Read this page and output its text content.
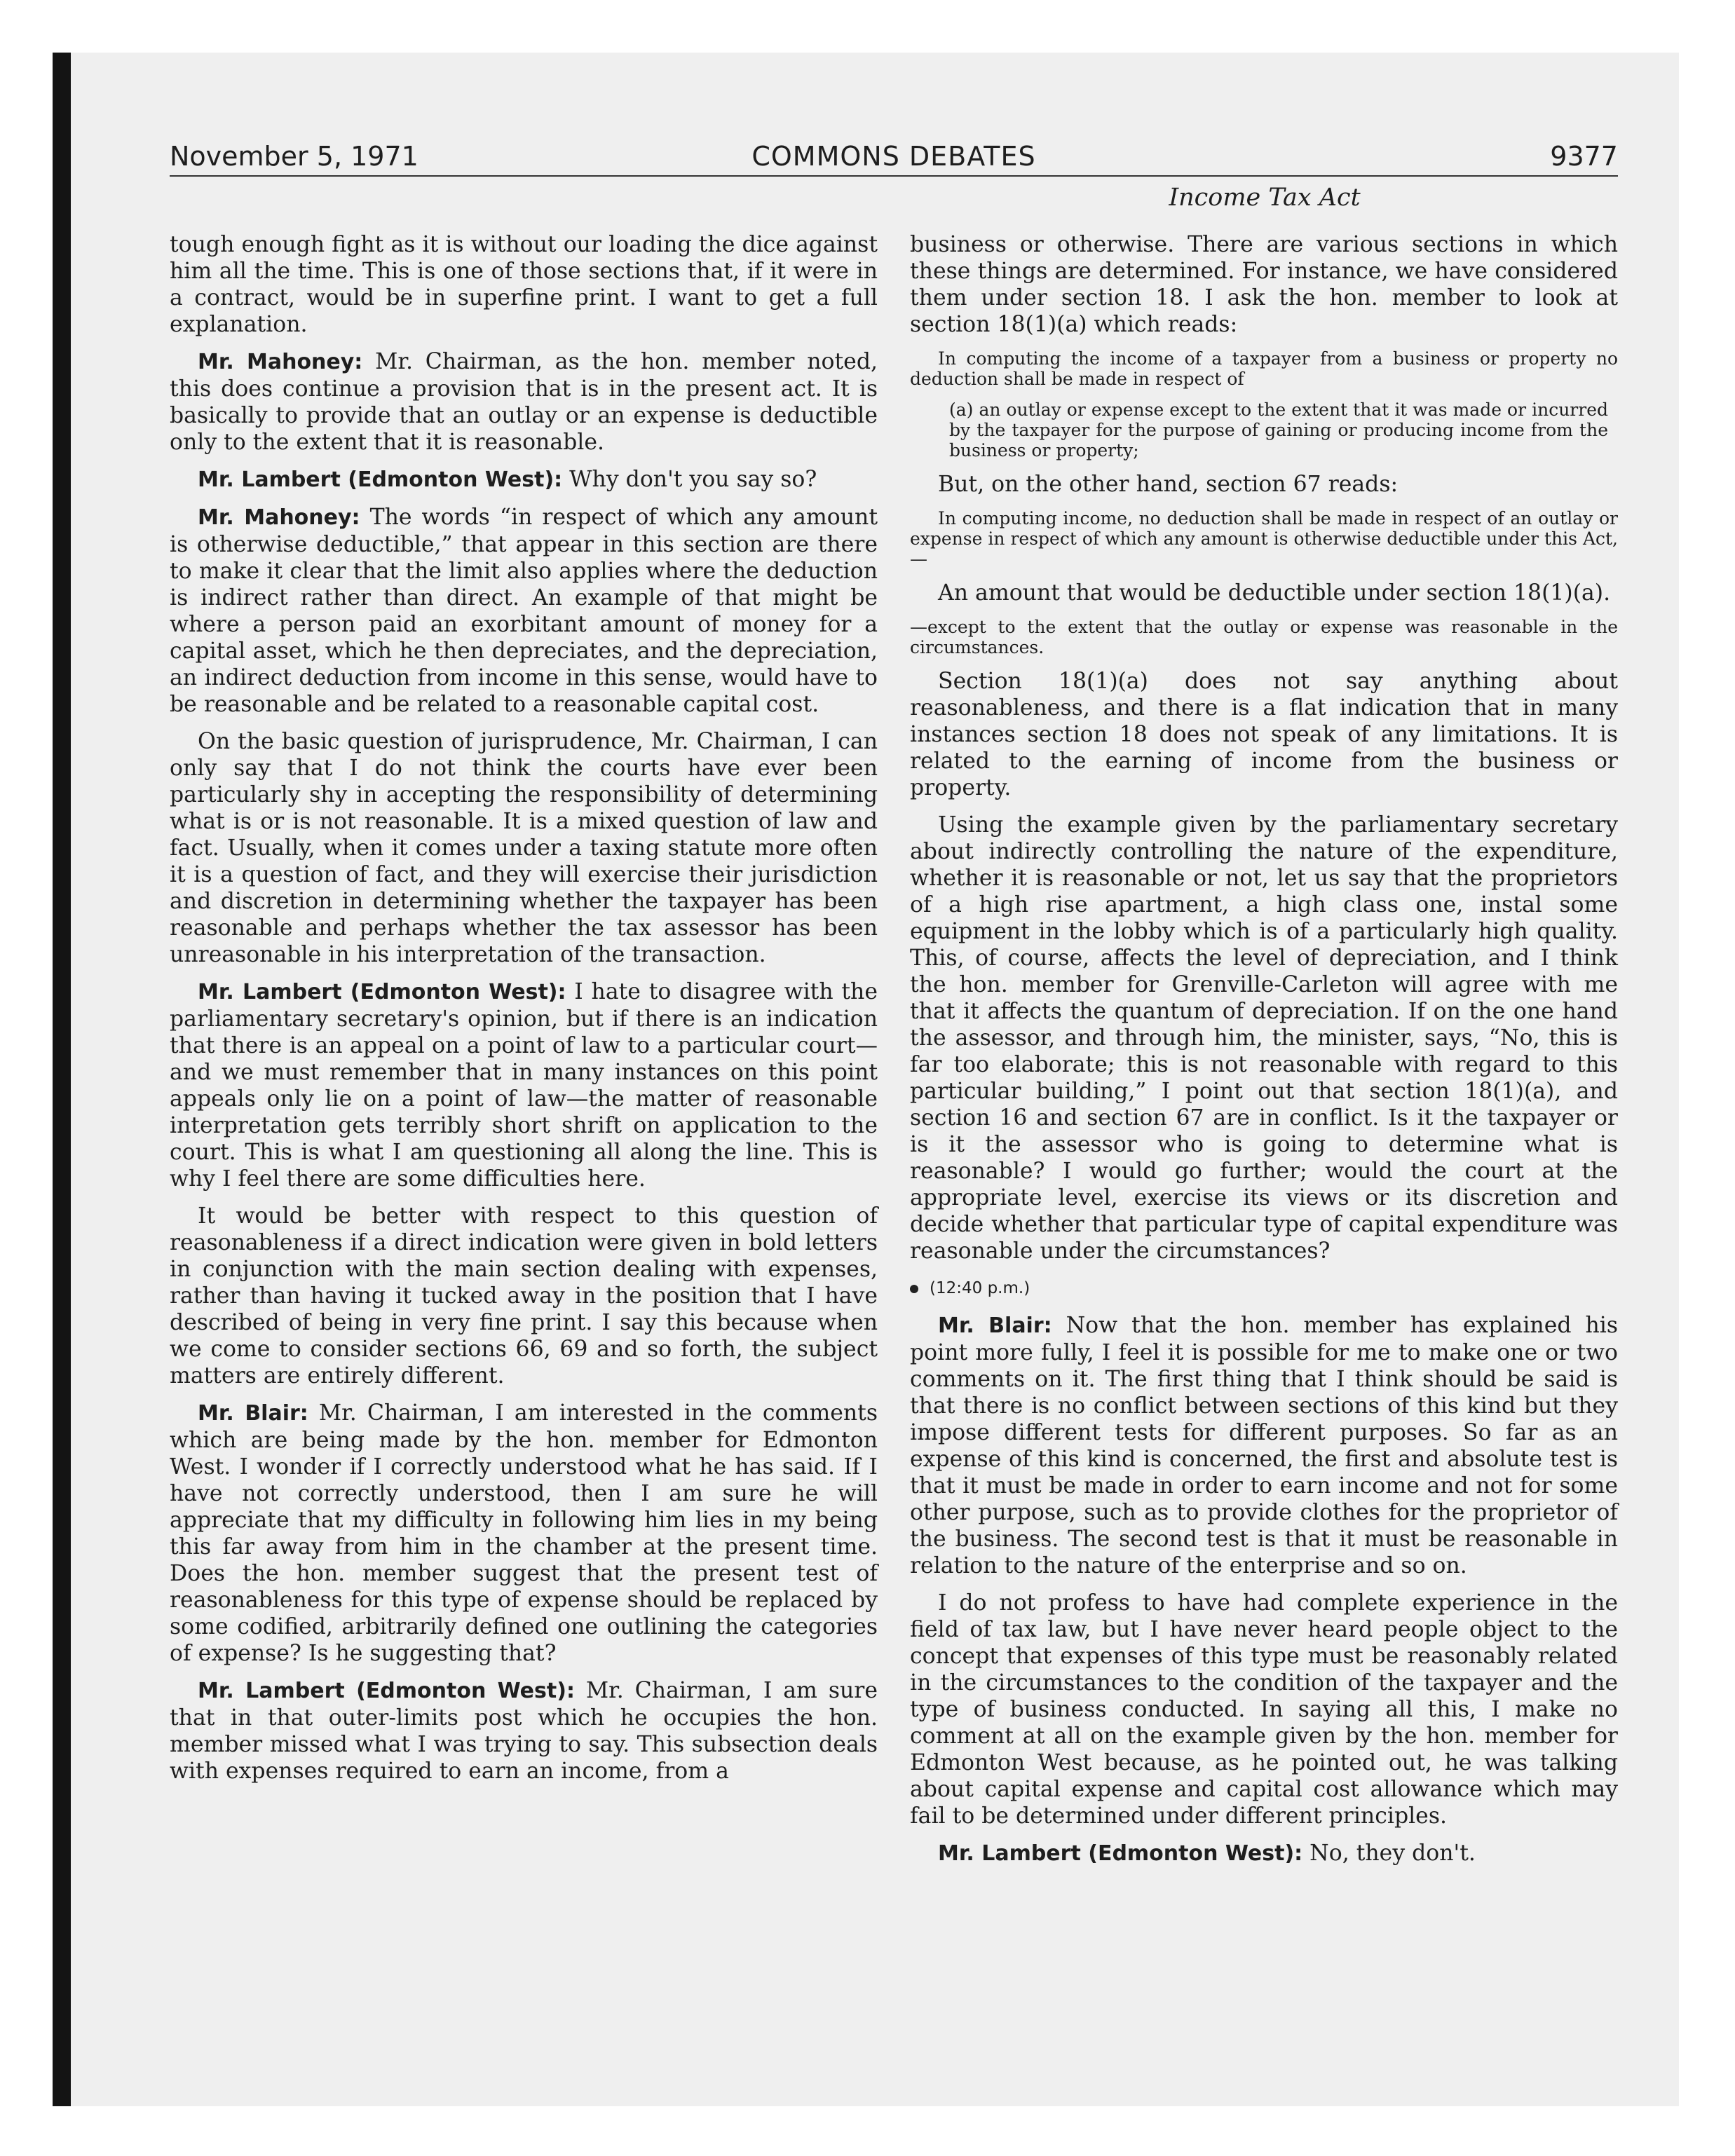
November 5, 1971	COMMONS DEBATES	9377
Income Tax Act

tough enough fight as it is without our loading the dice against him all the time. This is one of those sections that, if it were in a contract, would be in superfine print. I want to get a full explanation.

Mr. Mahoney: Mr. Chairman, as the hon. member noted, this does continue a provision that is in the present act. It is basically to provide that an outlay or an expense is deductible only to the extent that it is reasonable.

Mr. Lambert (Edmonton West): Why don't you say so?

Mr. Mahoney: The words “in respect of which any amount is otherwise deductible,” that appear in this section are there to make it clear that the limit also applies where the deduction is indirect rather than direct. An example of that might be where a person paid an exorbitant amount of money for a capital asset, which he then depreciates, and the depreciation, an indirect deduction from income in this sense, would have to be reasonable and be related to a reasonable capital cost.

On the basic question of jurisprudence, Mr. Chairman, I can only say that I do not think the courts have ever been particularly shy in accepting the responsibility of determining what is or is not reasonable. It is a mixed question of law and fact. Usually, when it comes under a taxing statute more often it is a question of fact, and they will exercise their jurisdiction and discretion in determining whether the taxpayer has been reasonable and perhaps whether the tax assessor has been unreasonable in his interpretation of the transaction.

Mr. Lambert (Edmonton West): I hate to disagree with the parliamentary secretary's opinion, but if there is an indication that there is an appeal on a point of law to a particular court—and we must remember that in many instances on this point appeals only lie on a point of law—the matter of reasonable interpretation gets terribly short shrift on application to the court. This is what I am questioning all along the line. This is why I feel there are some difficulties here.

It would be better with respect to this question of reasonableness if a direct indication were given in bold letters in conjunction with the main section dealing with expenses, rather than having it tucked away in the position that I have described of being in very fine print. I say this because when we come to consider sections 66, 69 and so forth, the subject matters are entirely different.

Mr. Blair: Mr. Chairman, I am interested in the comments which are being made by the hon. member for Edmonton West. I wonder if I correctly understood what he has said. If I have not correctly understood, then I am sure he will appreciate that my difficulty in following him lies in my being this far away from him in the chamber at the present time. Does the hon. member suggest that the present test of reasonableness for this type of expense should be replaced by some codified, arbitrarily defined one outlining the categories of expense? Is he suggesting that?

Mr. Lambert (Edmonton West): Mr. Chairman, I am sure that in that outer-limits post which he occupies the hon. member missed what I was trying to say. This subsection deals with expenses required to earn an income, from a

business or otherwise. There are various sections in which these things are determined. For instance, we have considered them under section 18. I ask the hon. member to look at section 18(1)(a) which reads:

In computing the income of a taxpayer from a business or property no deduction shall be made in respect of

(a) an outlay or expense except to the extent that it was made or incurred by the taxpayer for the purpose of gaining or producing income from the business or property;

But, on the other hand, section 67 reads:

In computing income, no deduction shall be made in respect of an outlay or expense in respect of which any amount is otherwise deductible under this Act,—

An amount that would be deductible under section 18(1)(a).

—except to the extent that the outlay or expense was reasonable in the circumstances.

Section 18(1)(a) does not say anything about reasonableness, and there is a flat indication that in many instances section 18 does not speak of any limitations. It is related to the earning of income from the business or property.

Using the example given by the parliamentary secretary about indirectly controlling the nature of the expenditure, whether it is reasonable or not, let us say that the proprietors of a high rise apartment, a high class one, instal some equipment in the lobby which is of a particularly high quality. This, of course, affects the level of depreciation, and I think the hon. member for Grenville-Carleton will agree with me that it affects the quantum of depreciation. If on the one hand the assessor, and through him, the minister, says, “No, this is far too elaborate; this is not reasonable with regard to this particular building,” I point out that section 18(1)(a), and section 16 and section 67 are in conflict. Is it the taxpayer or is it the assessor who is going to determine what is reasonable? I would go further; would the court at the appropriate level, exercise its views or its discretion and decide whether that particular type of capital expenditure was reasonable under the circumstances?

(12:40 p.m.)

Mr. Blair: Now that the hon. member has explained his point more fully, I feel it is possible for me to make one or two comments on it. The first thing that I think should be said is that there is no conflict between sections of this kind but they impose different tests for different purposes. So far as an expense of this kind is concerned, the first and absolute test is that it must be made in order to earn income and not for some other purpose, such as to provide clothes for the proprietor of the business. The second test is that it must be reasonable in relation to the nature of the enterprise and so on.

I do not profess to have had complete experience in the field of tax law, but I have never heard people object to the concept that expenses of this type must be reasonably related in the circumstances to the condition of the taxpayer and the type of business conducted. In saying all this, I make no comment at all on the example given by the hon. member for Edmonton West because, as he pointed out, he was talking about capital expense and capital cost allowance which may fail to be determined under different principles.

Mr. Lambert (Edmonton West): No, they don't.
